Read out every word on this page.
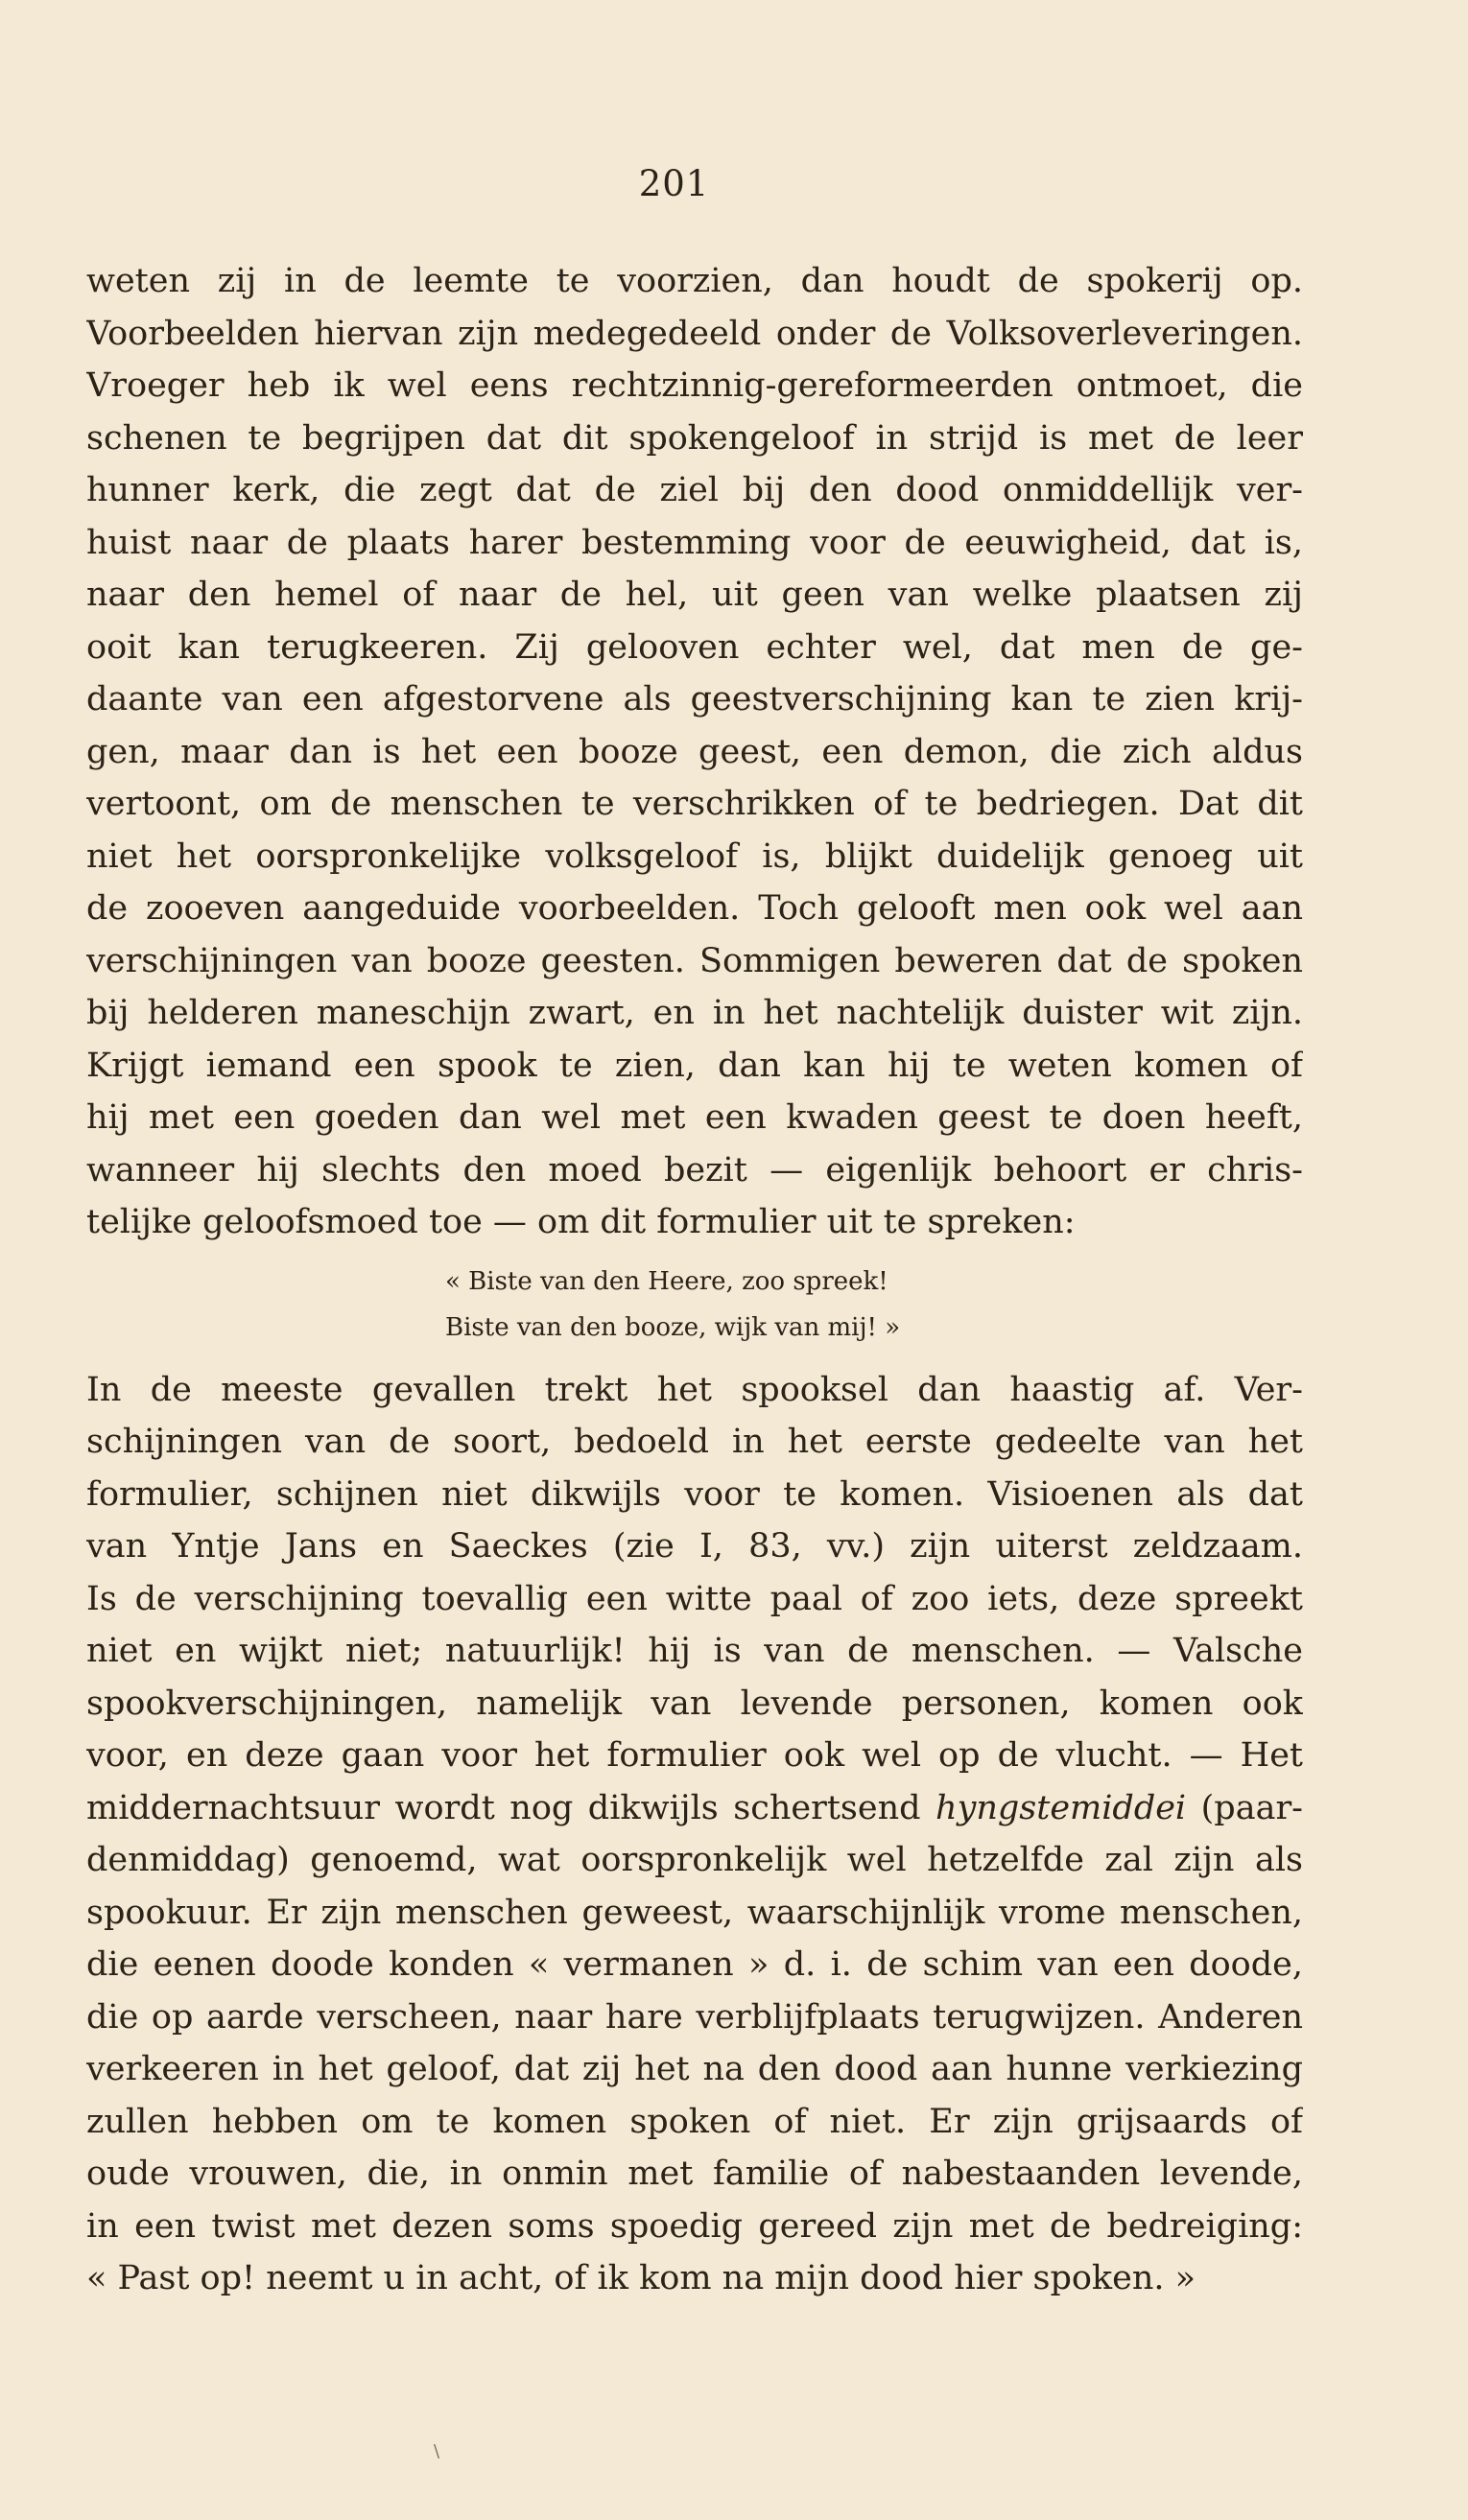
201
weten zij in de leemte te voorzien, dan houdt de spokerij op.
Voorbeelden hiervan zijn medegedeeld onder de Volksoverleveringen.
Vroeger heb ik wel eens rechtzinnig-gereformeerden ontmoet, die
schenen te begrijpen dat dit spokengeloof in strijd is met de leer
hunner kerk, die zegt dat de ziel bij den dood onmiddellijk ver-
huist naar de plaats harer bestemming voor de eeuwigheid, dat is,
naar den hemel of naar de hel, uit geen van welke plaatsen zij
ooit kan terugkeeren. Zij gelooven echter wel, dat men de ge-
daante van een afgestorvene als geestverschijning kan te zien krij-
gen, maar dan is het een booze geest, een demon, die zich aldus
vertoont, om de menschen te verschrikken of te bedriegen. Dat dit
niet het oorspronkelijke volksgeloof is, blijkt duidelijk genoeg uit
de zooeven aangeduide voorbeelden. Toch gelooft men ook wel aan
verschijningen van booze geesten. Sommigen beweren dat de spoken
bij helderen maneschijn zwart, en in het nachtelijk duister wit zijn.
Krijgt iemand een spook te zien, dan kan hij te weten komen of
hij met een goeden dan wel met een kwaden geest te doen heeft,
wanneer hij slechts den moed bezit — eigenlijk behoort er chris-
telijke geloofsmoed toe — om dit formulier uit te spreken:
« Biste van den Heere, zoo spreek!
Biste van den booze, wijk van mij! »
In de meeste gevallen trekt het spooksel dan haastig af. Ver-
schijningen van de soort, bedoeld in het eerste gedeelte van het
formulier, schijnen niet dikwijls voor te komen. Visioenen als dat
van Yntje Jans en Saeckes (zie I, 83, vv.) zijn uiterst zeldzaam.
Is de verschijning toevallig een witte paal of zoo iets, deze spreekt
niet en wijkt niet; natuurlijk! hij is van de menschen. — Valsche
spookverschijningen, namelijk van levende personen, komen ook
voor, en deze gaan voor het formulier ook wel op de vlucht. — Het
middernachtsuur wordt nog dikwijls schertsend hyngstemiddei (paar-
denmiddag) genoemd, wat oorspronkelijk wel hetzelfde zal zijn als
spookuur. Er zijn menschen geweest, waarschijnlijk vrome menschen,
die eenen doode konden « vermanen » d. i. de schim van een doode,
die op aarde verscheen, naar hare verblijfplaats terugwijzen. Anderen
verkeeren in het geloof, dat zij het na den dood aan hunne verkiezing
zullen hebben om te komen spoken of niet. Er zijn grijsaards of
oude vrouwen, die, in onmin met familie of nabestaanden levende,
in een twist met dezen soms spoedig gereed zijn met de bedreiging:
« Past op! neemt u in acht, of ik kom na mijn dood hier spoken. »
\
